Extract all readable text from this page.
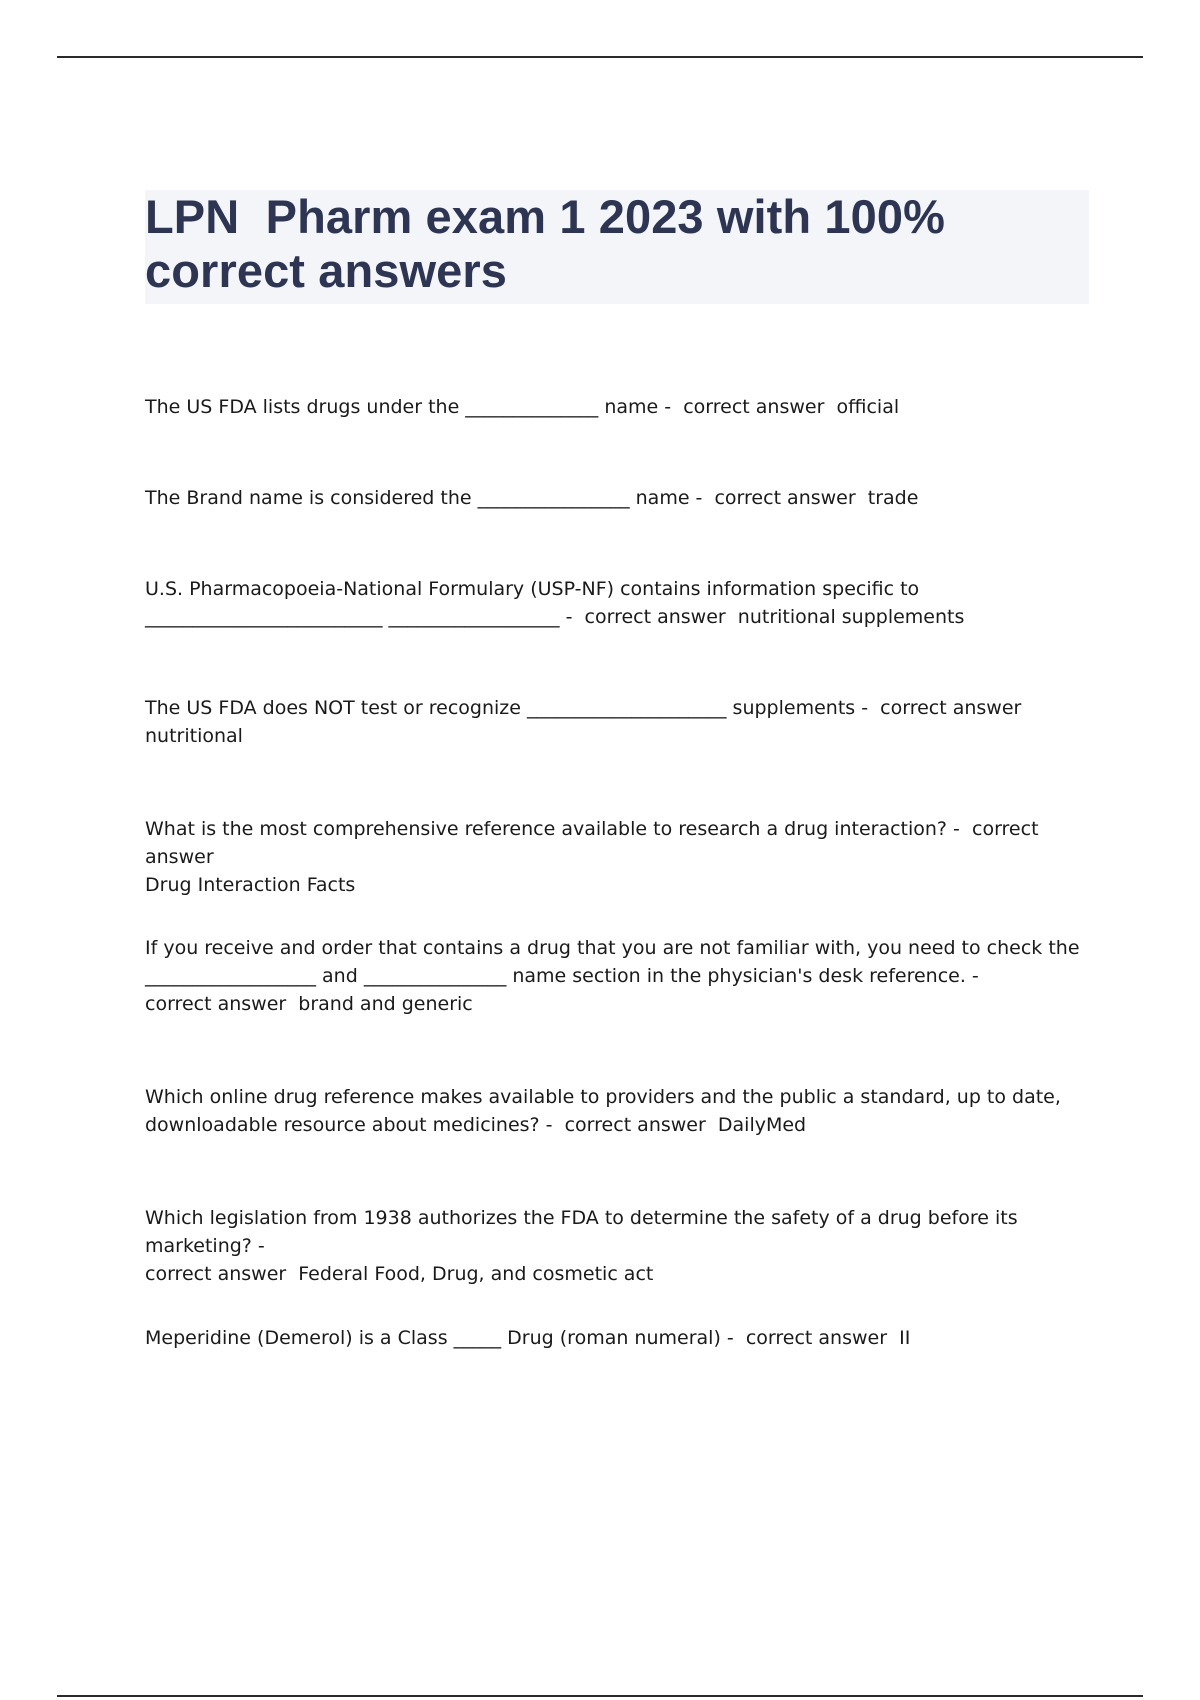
LPN  Pharm exam 1 2023 with 100%
correct answers

The US FDA lists drugs under the ______________ name -  correct answer  official

The Brand name is considered the ________________ name -  correct answer  trade

U.S. Pharmacopoeia-National Formulary (USP-NF) contains information specific to
_________________________ __________________ -  correct answer  nutritional supplements

The US FDA does NOT test or recognize _____________________ supplements -  correct answer
nutritional

What is the most comprehensive reference available to research a drug interaction? -  correct answer
Drug Interaction Facts

If you receive and order that contains a drug that you are not familiar with, you need to check the
__________________ and _______________ name section in the physician's desk reference. -
correct answer  brand and generic

Which online drug reference makes available to providers and the public a standard, up to date,
downloadable resource about medicines? -  correct answer  DailyMed

Which legislation from 1938 authorizes the FDA to determine the safety of a drug before its marketing? -
correct answer  Federal Food, Drug, and cosmetic act

Meperidine (Demerol) is a Class _____ Drug (roman numeral) -  correct answer  II
